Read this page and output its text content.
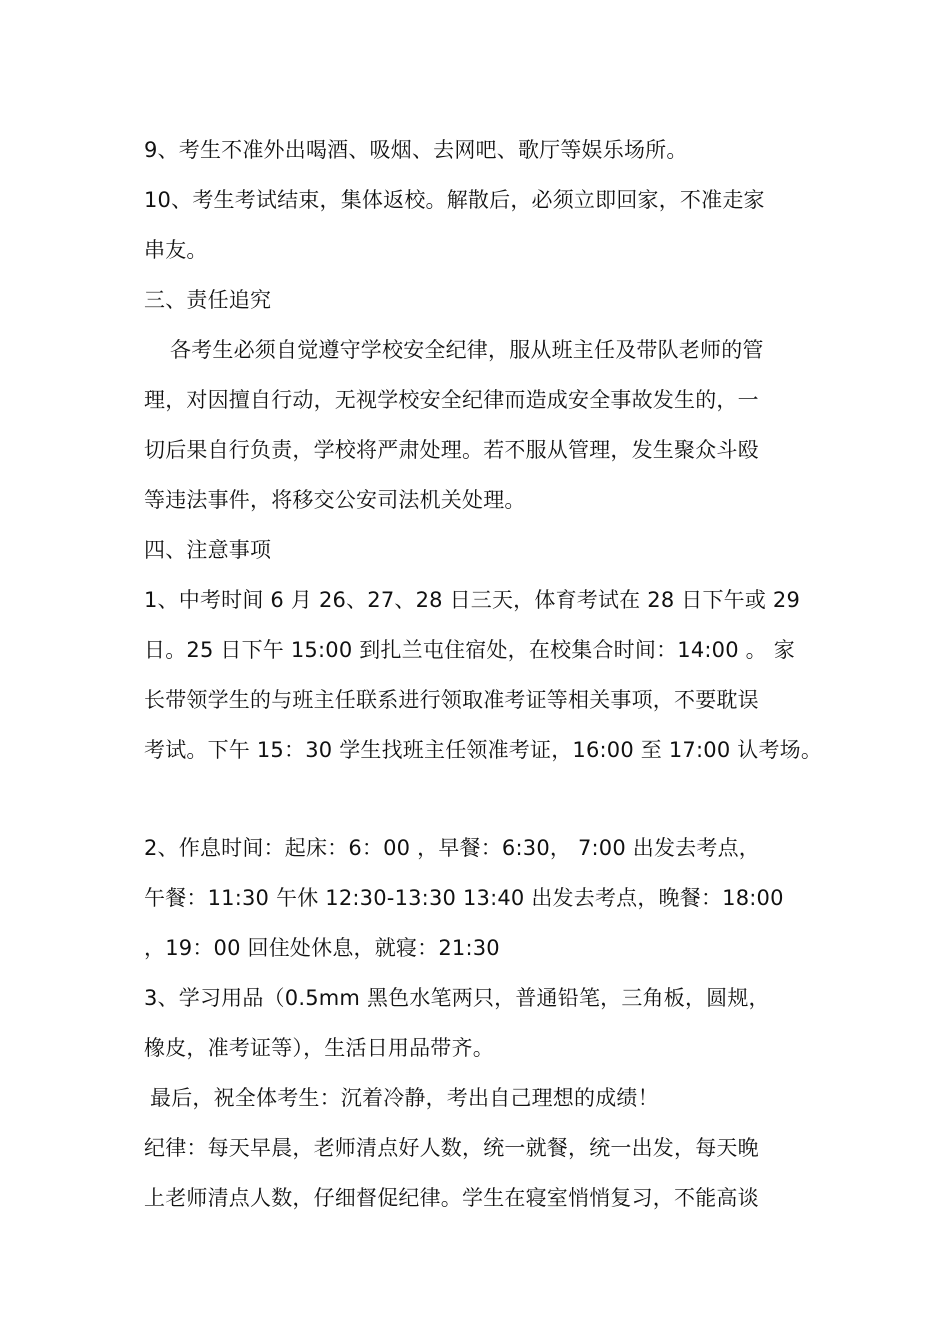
9、考生不准外出喝酒、吸烟、去网吧、歌厅等娱乐场所。
10、考生考试结束，集体返校。解散后，必须立即回家，不准走家
串友。
三、责任追究
各考生必须自觉遵守学校安全纪律，服从班主任及带队老师的管
理，对因擅自行动，无视学校安全纪律而造成安全事故发生的，一
切后果自行负责，学校将严肃处理。若不服从管理，发生聚众斗殴
等违法事件，将移交公安司法机关处理。
四、注意事项
1、中考时间 6 月 26、27、28 日三天，体育考试在 28 日下午或 29
日。25 日下午 15:00 到扎兰屯住宿处，在校集合时间：14:00 。 家
长带领学生的与班主任联系进行领取准考证等相关事项，不要耽误
考试。下午 15：30 学生找班主任领准考证，16:00 至 17:00 认考场。
2、作息时间：起床：6：00 ，早餐：6:30， 7:00 出发去考点，
午餐：11:30 午休 12:30-13:30 13:40 出发去考点，晚餐：18:00
，19：00 回住处休息，就寝：21:30
3、学习用品（0.5mm 黑色水笔两只，普通铅笔，三角板，圆规，
橡皮，准考证等），生活日用品带齐。
最后，祝全体考生：沉着冷静，考出自己理想的成绩！
纪律：每天早晨，老师清点好人数，统一就餐，统一出发，每天晚
上老师清点人数，仔细督促纪律。学生在寝室悄悄复习，不能高谈
